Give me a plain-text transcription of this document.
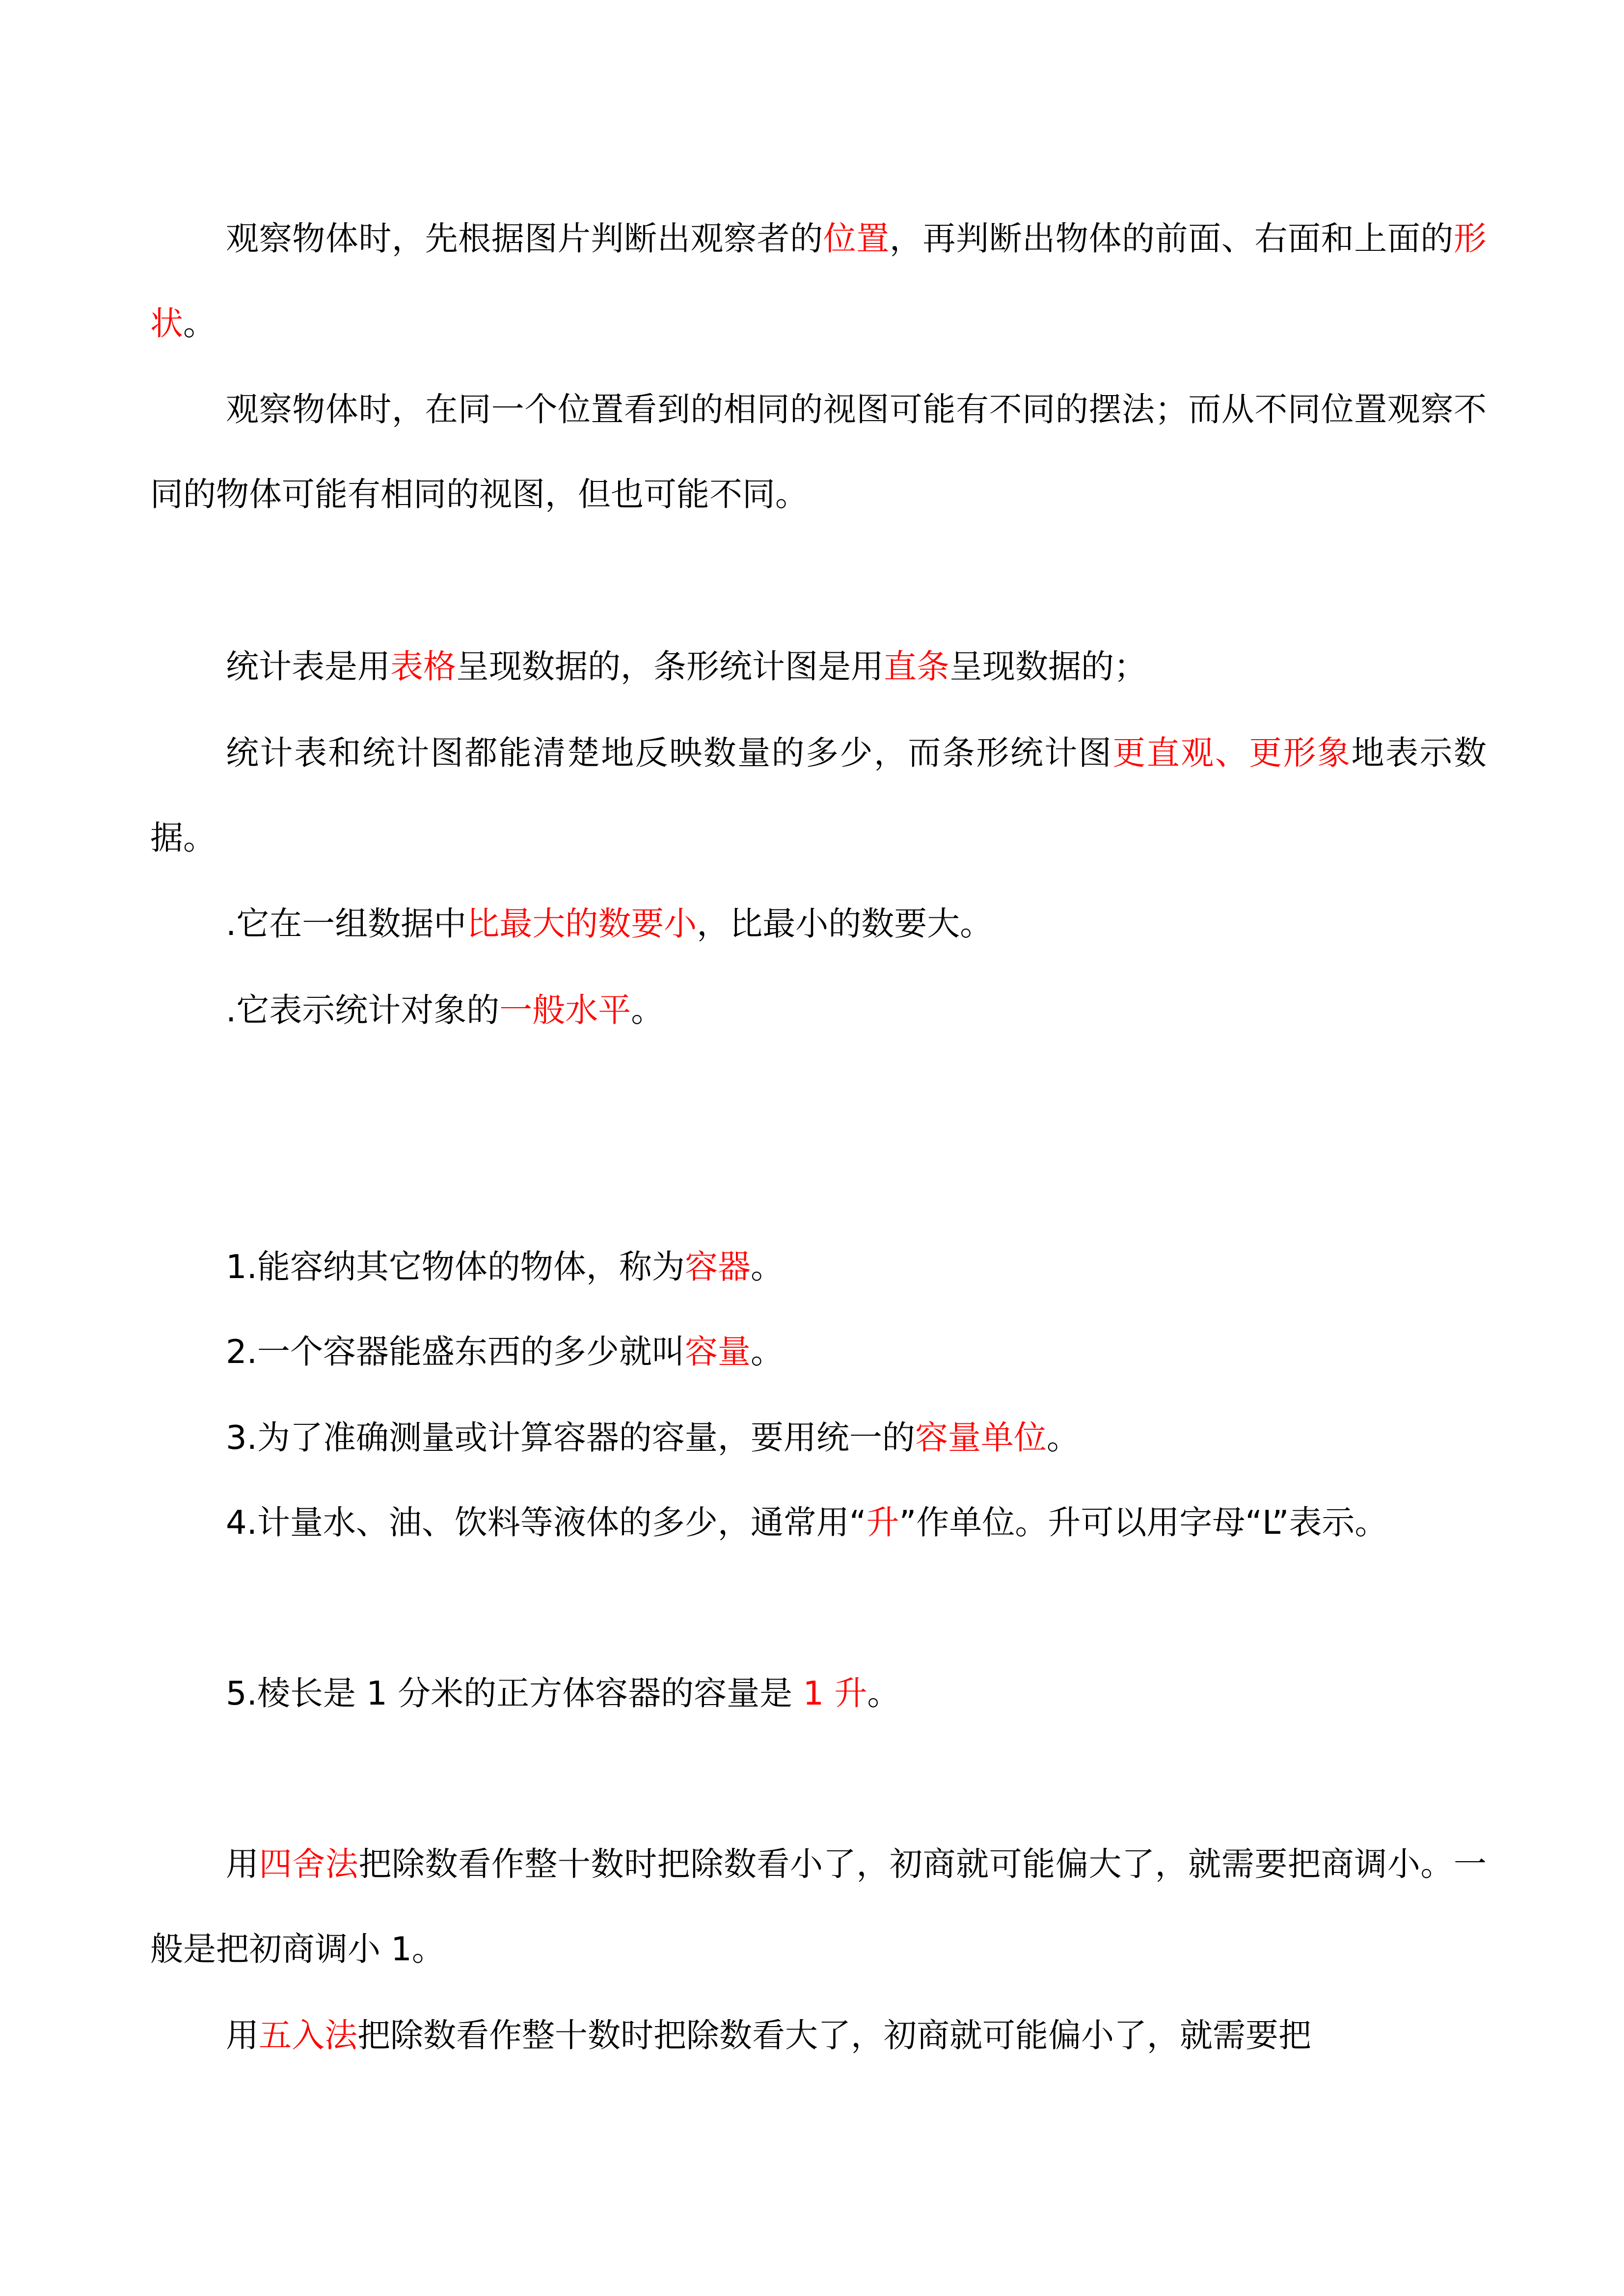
观察物体时，先根据图片判断出观察者的位置，再判断出物体的前面、右面和上面的形状。

观察物体时，在同一个位置看到的相同的视图可能有不同的摆法；而从不同位置观察不同的物体可能有相同的视图，但也可能不同。

统计表是用表格呈现数据的，条形统计图是用直条呈现数据的；

统计表和统计图都能清楚地反映数量的多少，而条形统计图更直观、更形象地表示数据。

.它在一组数据中比最大的数要小，比最小的数要大。

.它表示统计对象的一般水平。

1.能容纳其它物体的物体，称为容器。

2.一个容器能盛东西的多少就叫容量。

3.为了准确测量或计算容器的容量，要用统一的容量单位。

4.计量水、油、饮料等液体的多少，通常用“升”作单位。升可以用字母“L”表示。

5.棱长是 1 分米的正方体容器的容量是 1 升。

用四舍法把除数看作整十数时把除数看小了，初商就可能偏大了，就需要把商调小。一般是把初商调小 1。

用五入法把除数看作整十数时把除数看大了，初商就可能偏小了，就需要把
